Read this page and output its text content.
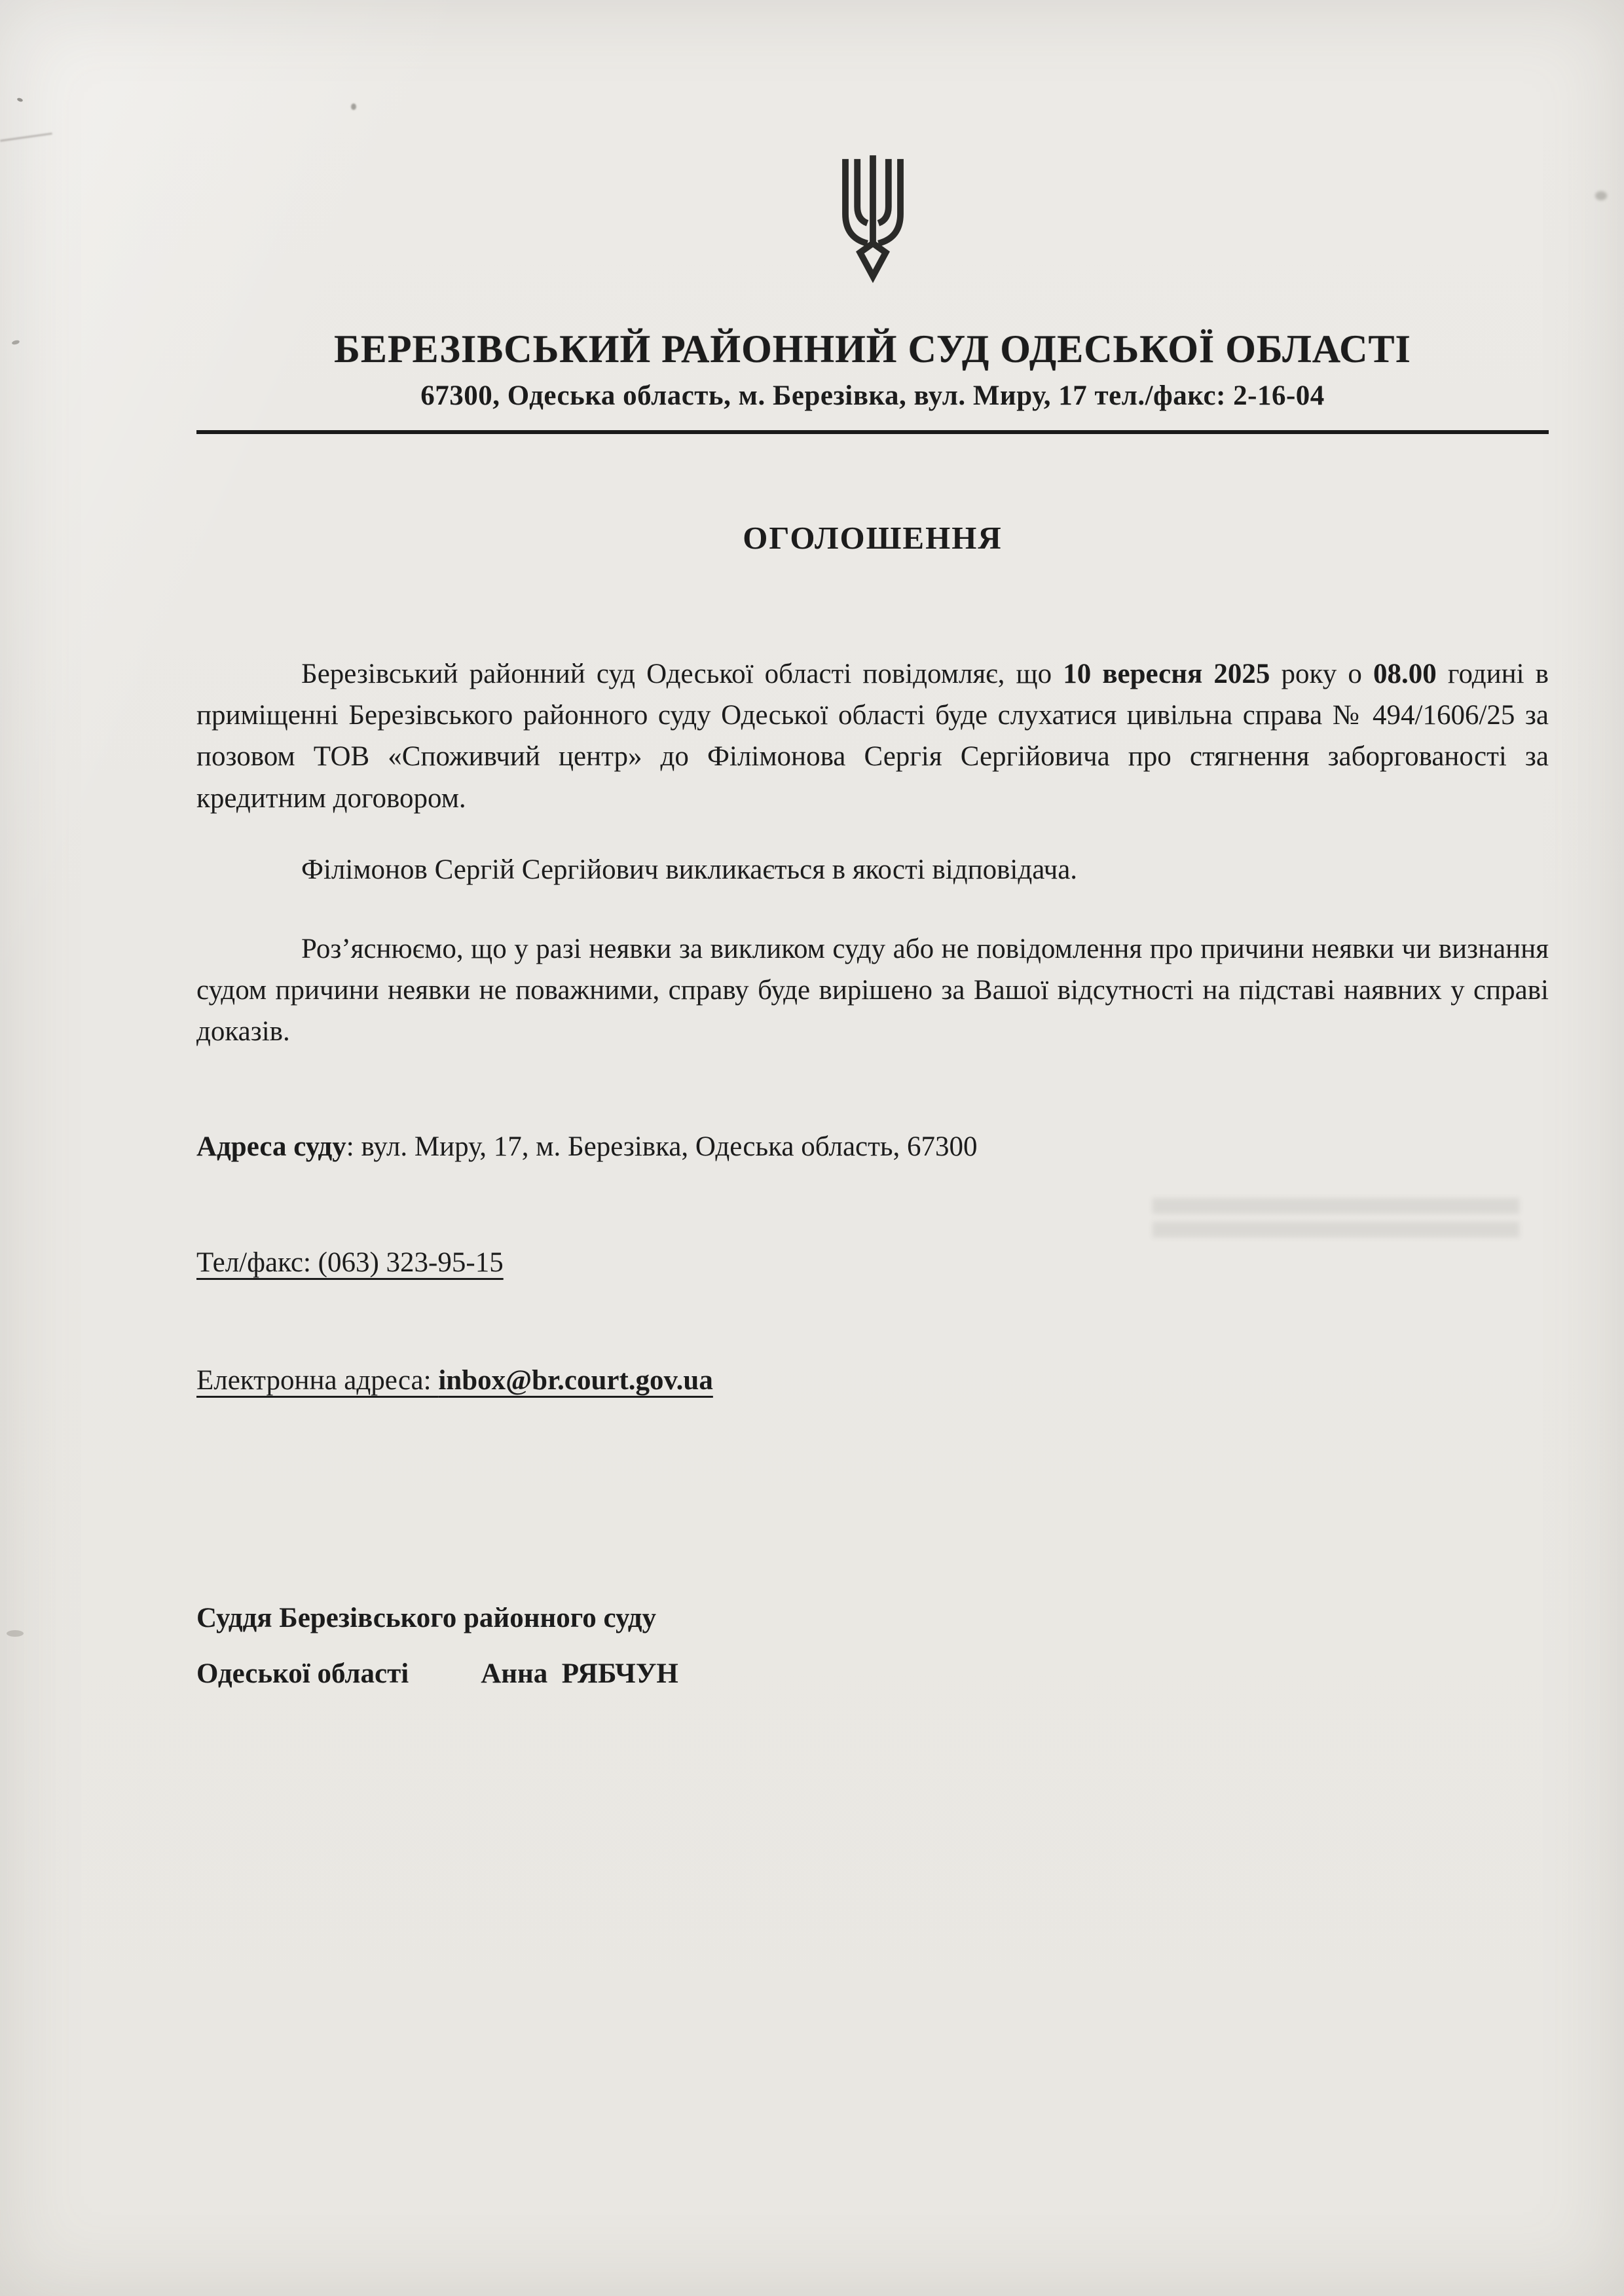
БЕРЕЗІВСЬКИЙ РАЙОННИЙ СУД ОДЕСЬКОЇ ОБЛАСТІ
67300, Одеська область, м. Березівка, вул. Миру, 17 тел./факс: 2-16-04
ОГОЛОШЕННЯ

Березівський районний суд Одеської області повідомляє, що 10 вересня 2025 року о 08.00 годині в приміщенні Березівського районного суду Одеської області буде слухатися цивільна справа № 494/1606/25 за позовом ТОВ «Споживчий центр» до Філімонова Сергія Сергійовича про стягнення заборгованості за кредитним договором.

Філімонов Сергій Сергійович викликається в якості відповідача.

Роз’яснюємо, що у разі неявки за викликом суду або не повідомлення про причини неявки чи визнання судом причини неявки не поважними, справу буде вирішено за Вашої відсутності на підставі наявних у справі доказів.

Адреса суду: вул. Миру, 17, м. Березівка, Одеська область, 67300

Тел/факс: (063) 323-95-15

Електронна адреса: inbox@br.court.gov.ua

Суддя Березівського районного суду

Одеської області	Анна  РЯБЧУН
